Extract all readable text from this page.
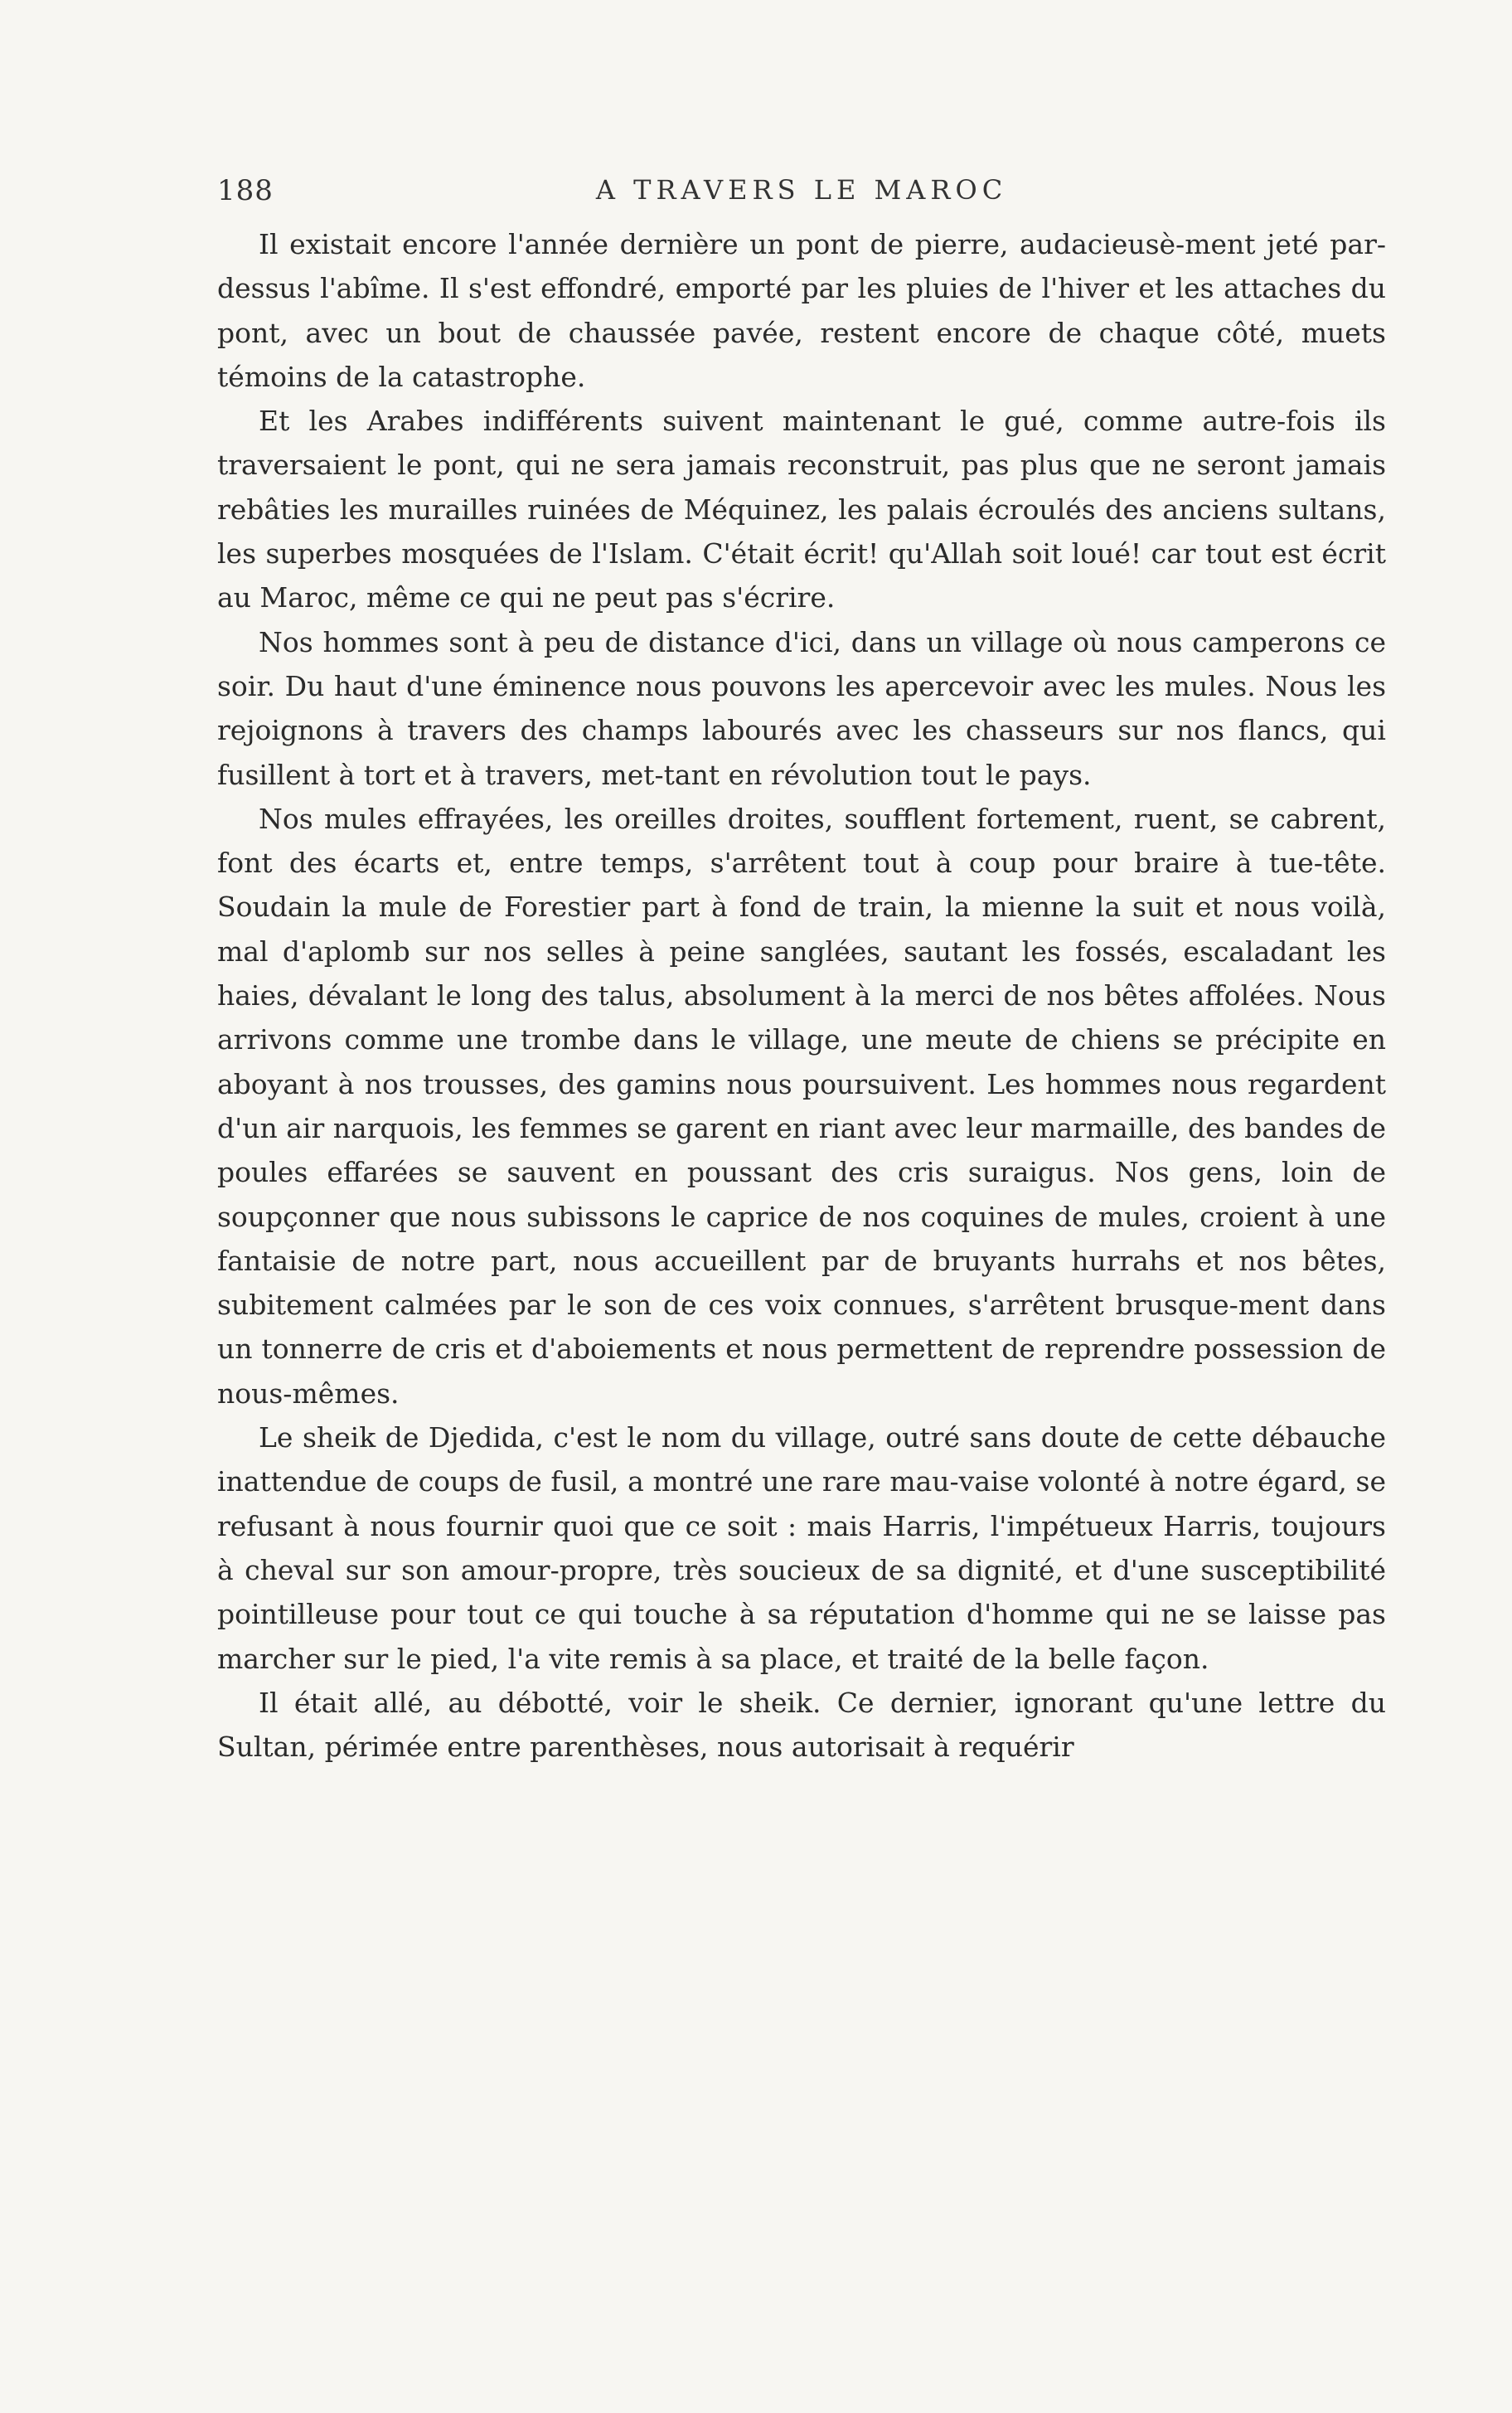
188	A TRAVERS LE MAROC

Il existait encore l'année dernière un pont de pierre, audacieusè-ment jeté par-dessus l'abîme. Il s'est effondré, emporté par les pluies de l'hiver et les attaches du pont, avec un bout de chaussée pavée, restent encore de chaque côté, muets témoins de la catastrophe.

Et les Arabes indifférents suivent maintenant le gué, comme autre-fois ils traversaient le pont, qui ne sera jamais reconstruit, pas plus que ne seront jamais rebâties les murailles ruinées de Méquinez, les palais écroulés des anciens sultans, les superbes mosquées de l'Islam. C'était écrit! qu'Allah soit loué! car tout est écrit au Maroc, même ce qui ne peut pas s'écrire.

Nos hommes sont à peu de distance d'ici, dans un village où nous camperons ce soir. Du haut d'une éminence nous pouvons les apercevoir avec les mules. Nous les rejoignons à travers des champs labourés avec les chasseurs sur nos flancs, qui fusillent à tort et à travers, met-tant en révolution tout le pays.

Nos mules effrayées, les oreilles droites, soufflent fortement, ruent, se cabrent, font des écarts et, entre temps, s'arrêtent tout à coup pour braire à tue-tête. Soudain la mule de Forestier part à fond de train, la mienne la suit et nous voilà, mal d'aplomb sur nos selles à peine sanglées, sautant les fossés, escaladant les haies, dévalant le long des talus, absolument à la merci de nos bêtes affolées. Nous arrivons comme une trombe dans le village, une meute de chiens se précipite en aboyant à nos trousses, des gamins nous poursuivent. Les hommes nous regardent d'un air narquois, les femmes se garent en riant avec leur marmaille, des bandes de poules effarées se sauvent en poussant des cris suraigus. Nos gens, loin de soupçonner que nous subissons le caprice de nos coquines de mules, croient à une fantaisie de notre part, nous accueillent par de bruyants hurrahs et nos bêtes, subitement calmées par le son de ces voix connues, s'arrêtent brusque-ment dans un tonnerre de cris et d'aboiements et nous permettent de reprendre possession de nous-mêmes.

Le sheik de Djedida, c'est le nom du village, outré sans doute de cette débauche inattendue de coups de fusil, a montré une rare mau-vaise volonté à notre égard, se refusant à nous fournir quoi que ce soit : mais Harris, l'impétueux Harris, toujours à cheval sur son amour-propre, très soucieux de sa dignité, et d'une susceptibilité pointilleuse pour tout ce qui touche à sa réputation d'homme qui ne se laisse pas marcher sur le pied, l'a vite remis à sa place, et traité de la belle façon.

Il était allé, au débotté, voir le sheik. Ce dernier, ignorant qu'une lettre du Sultan, périmée entre parenthèses, nous autorisait à requérir
